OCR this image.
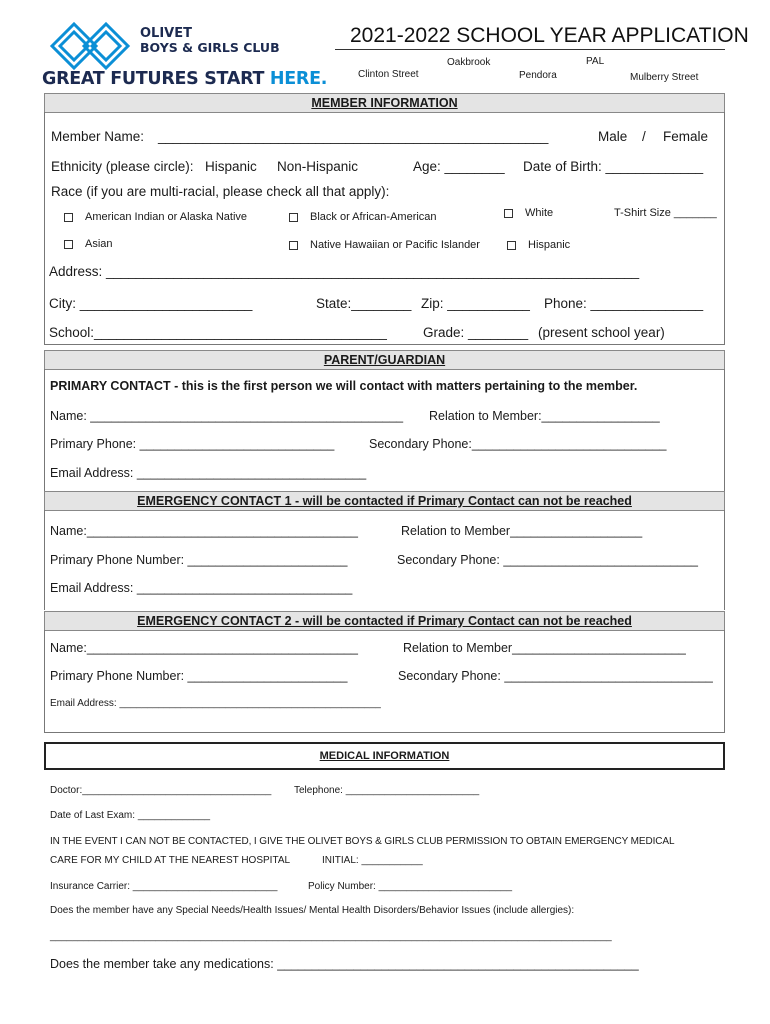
OLIVET
BOYS & GIRLS CLUB
GREAT FUTURES START HERE.
2021-2022 SCHOOL YEAR APPLICATION
Oakbrook	PAL
Clinton Street	Pendora	Mulberry Street
MEMBER INFORMATION
Member Name: ____________________________________________________	Male / Female
Ethnicity (please circle): Hispanic Non-Hispanic	Age: ________ Date of Birth: _____________
Race (if you are multi-racial, please check all that apply):
American Indian or Alaska Native	Black or African-American	White	T-Shirt Size _______
Asian	Native Hawaiian or Pacific Islander	Hispanic
Address: _______________________________________________________________________
City: _______________________	State:________ Zip: ___________ Phone: _______________
School:_______________________________________	Grade: ________ (present school year)
PARENT/GUARDIAN
PRIMARY CONTACT - this is the first person we will contact with matters pertaining to the member.
Name: _____________________________________________ Relation to Member:_________________
Primary Phone: ____________________________	Secondary Phone:____________________________
Email Address: _________________________________
EMERGENCY CONTACT 1 - will be contacted if Primary Contact can not be reached
Name:_______________________________________	Relation to Member___________________
Primary Phone Number: _______________________	Secondary Phone: ____________________________
Email Address: _______________________________
EMERGENCY CONTACT 2 - will be contacted if Primary Contact can not be reached
Name:_______________________________________	Relation to Member_________________________
Primary Phone Number: _______________________	Secondary Phone: ______________________________
Email Address: _______________________________________________
MEDICAL INFORMATION
Doctor:__________________________________ Telephone: ________________________
Date of Last Exam: _____________
IN THE EVENT I CAN NOT BE CONTACTED, I GIVE THE OLIVET BOYS & GIRLS CLUB PERMISSION TO OBTAIN EMERGENCY MEDICAL
CARE FOR MY CHILD AT THE NEAREST HOSPITAL	INITIAL: ___________
Insurance Carrier: __________________________	Policy Number: ________________________
Does the member have any Special Needs/Health Issues/ Mental Health Disorders/Behavior Issues (include allergies):
_____________________________________________________________________________________________________
Does the member take any medications: ____________________________________________________
